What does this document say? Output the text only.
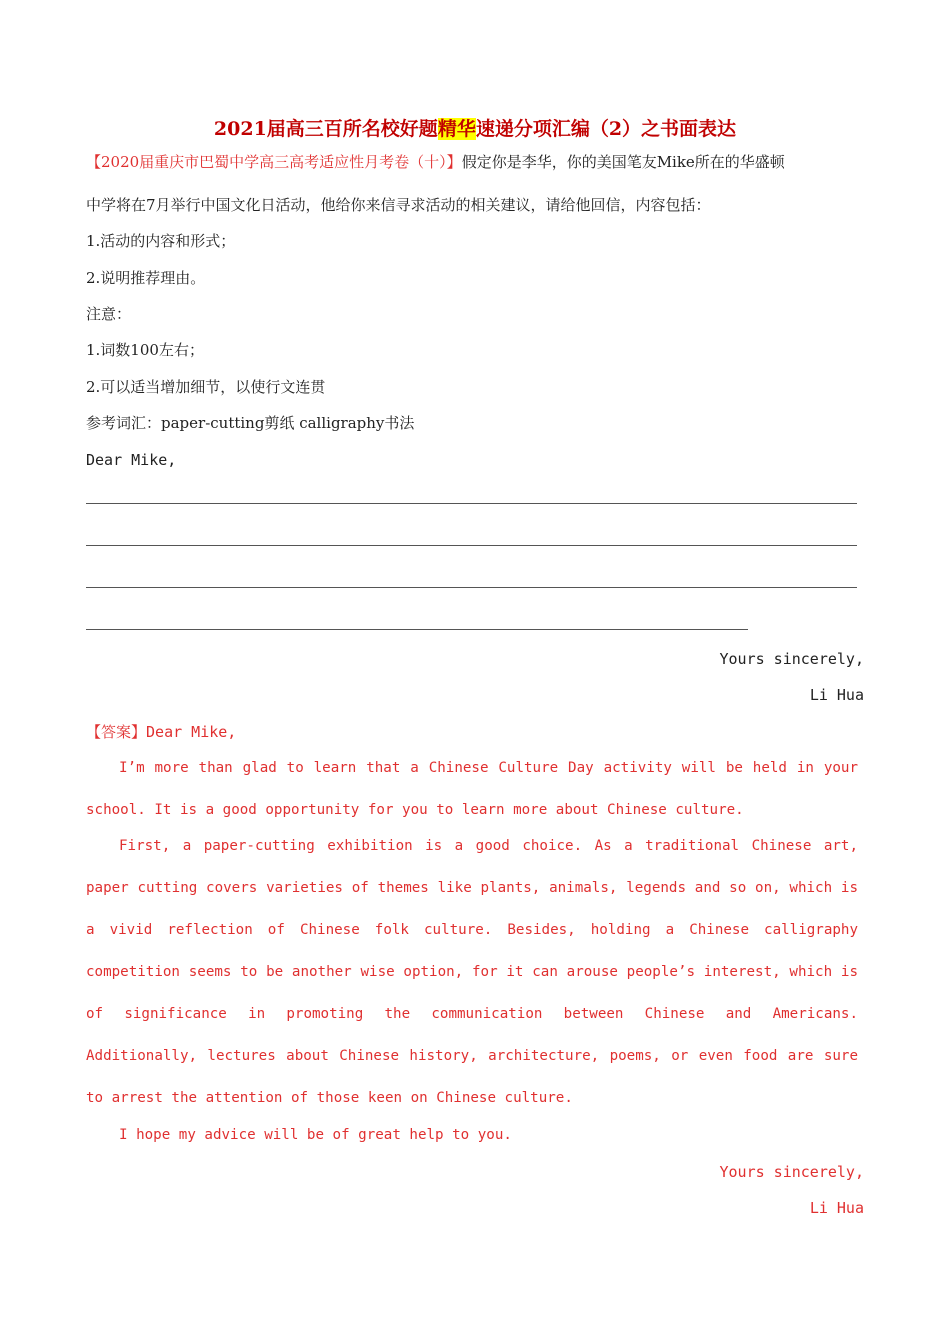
2021届高三百所名校好题精华速递分项汇编（2）之书面表达
【2020届重庆市巴蜀中学高三高考适应性月考卷（十）】假定你是李华，你的美国笔友Mike所在的华盛顿
中学将在7月举行中国文化日活动，他给你来信寻求活动的相关建议，请给他回信，内容包括：
1.活动的内容和形式；
2.说明推荐理由。
注意：
1.词数100左右；
2.可以适当增加细节，以使行文连贯
参考词汇：paper-cutting剪纸 calligraphy书法
Dear Mike,
Yours sincerely,
Li Hua
【答案】Dear Mike,
I’m more than glad to learn that a Chinese Culture Day activity will be held in your school. It is a good opportunity for you to learn more about Chinese culture.
First, a paper-cutting exhibition is a good choice. As a traditional Chinese art, paper cutting covers varieties of themes like plants, animals, legends and so on, which is a vivid reflection of Chinese folk culture. Besides, holding a Chinese calligraphy competition seems to be another wise option, for it can arouse people’s interest, which is of significance in promoting the communication between Chinese and Americans. Additionally, lectures about Chinese history, architecture, poems, or even food are sure to arrest the attention of those keen on Chinese culture.
I hope my advice will be of great help to you.
Yours sincerely,
Li Hua
